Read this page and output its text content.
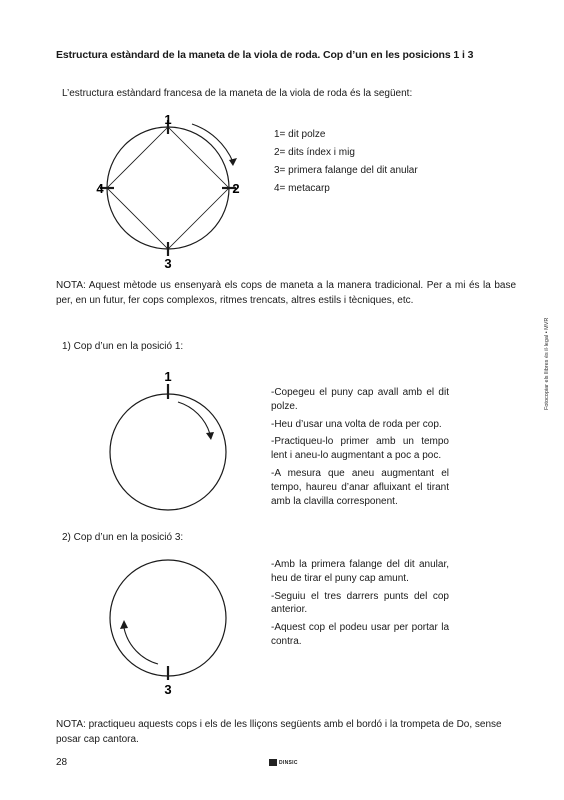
Estructura estàndard de la maneta de la viola de roda. Cop d’un en les posicions 1 i 3
L’estructura estàndard francesa de la maneta de la viola de roda és la següent:
1
2
3
4
1= dit polze
2= dits índex i mig
3= primera falange del dit anular
4= metacarp
NOTA: Aquest mètode us ensenyarà els cops de maneta a la manera tradicional. Per a mi és la base per, en un futur, fer cops complexos, ritmes trencats, altres estils i tècniques, etc.
1) Cop d’un en la posició 1:
1
-Copegeu el puny cap avall amb el dit polze.
-Heu d’usar una volta de roda per cop.
-Practiqueu-lo primer amb un tempo lent i aneu-lo augmentant a poc a poc.
-A mesura que aneu augmentant el tempo, haureu d’anar afluixant el tirant amb la clavilla corresponent.
2) Cop d’un en la posició 3:
3
-Amb la primera falange del dit anular, heu de tirar el puny cap amunt.
-Seguiu el tres darrers punts del cop anterior.
-Aquest cop el podeu usar per portar la contra.
Fotocopiar els llibres és il·legal • MVR
NOTA: practiqueu aquests cops i els de les lliçons següents amb el bordó i la trompeta de Do, sense posar cap cantora.
28	DINSIC
